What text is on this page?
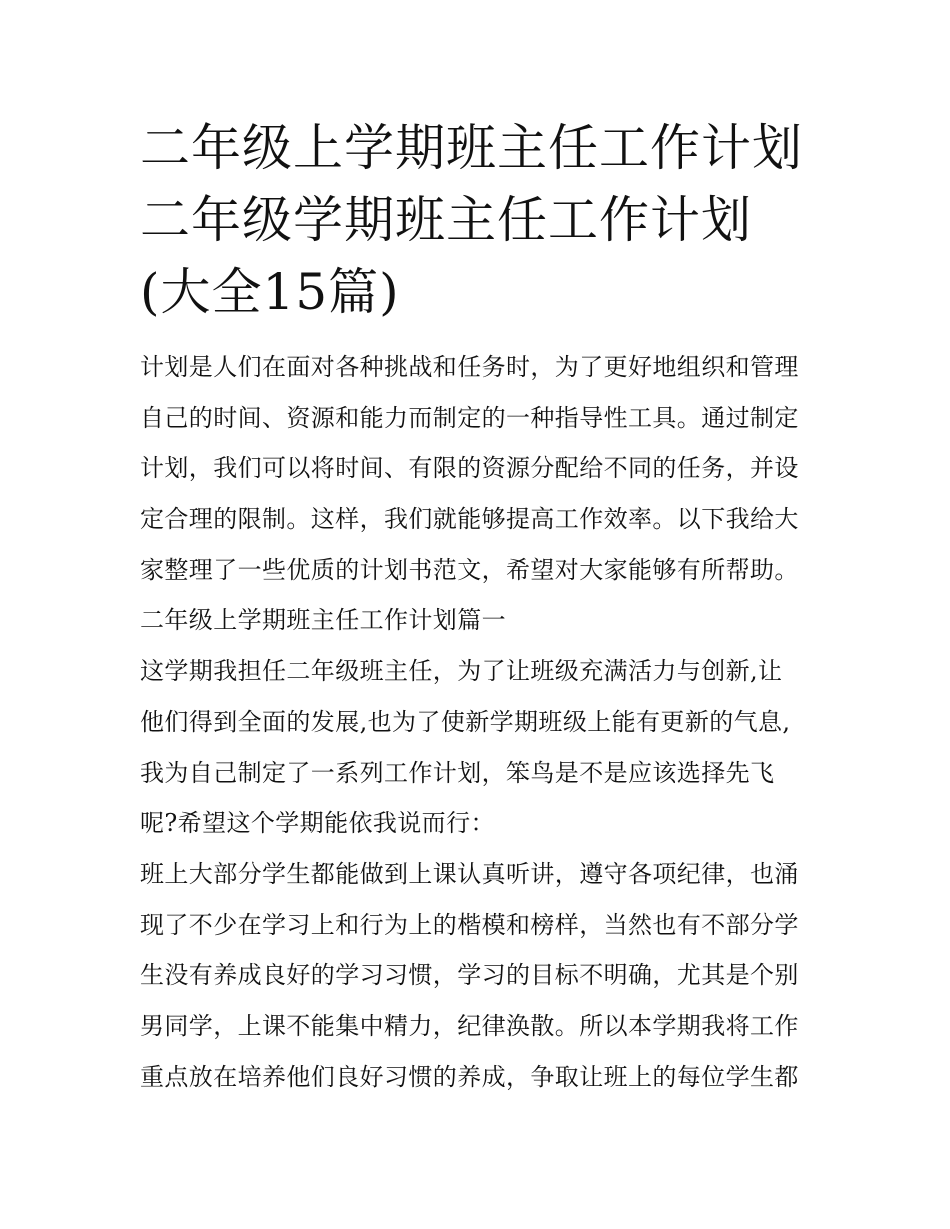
二年级上学期班主任工作计划二年级学期班主任工作计划(大全15篇)
计划是人们在面对各种挑战和任务时，为了更好地组织和管理
自己的时间、资源和能力而制定的一种指导性工具。通过制定
计划，我们可以将时间、有限的资源分配给不同的任务，并设
定合理的限制。这样，我们就能够提高工作效率。以下我给大
家整理了一些优质的计划书范文，希望对大家能够有所帮助。
二年级上学期班主任工作计划篇一
这学期我担任二年级班主任，为了让班级充满活力与创新,让
他们得到全面的发展,也为了使新学期班级上能有更新的气息,
我为自己制定了一系列工作计划，笨鸟是不是应该选择先飞
呢?希望这个学期能依我说而行：
班上大部分学生都能做到上课认真听讲，遵守各项纪律，也涌
现了不少在学习上和行为上的楷模和榜样，当然也有不部分学
生没有养成良好的学习习惯，学习的目标不明确，尤其是个别
男同学，上课不能集中精力，纪律涣散。所以本学期我将工作
重点放在培养他们良好习惯的养成，争取让班上的每位学生都
